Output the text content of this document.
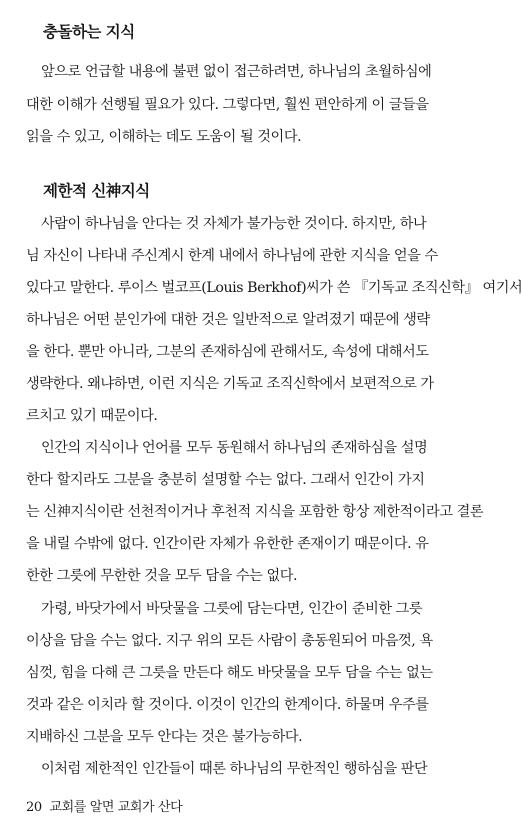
충돌하는 지식
앞으로 언급할 내용에 불편 없이 접근하려면, 하나님의 초월하심에
대한 이해가 선행될 필요가 있다. 그렇다면, 훨씬 편안하게 이 글들을
읽을 수 있고, 이해하는 데도 도움이 될 것이다.
제한적 신神지식
사람이 하나님을 안다는 것 자체가 불가능한 것이다. 하지만, 하나
님 자신이 나타내 주신계시 한계 내에서 하나님에 관한 지식을 얻을 수
있다고 말한다. 루이스 벌코프(Louis Berkhof)씨가 쓴 『기독교 조직신학』 여기서
하나님은 어떤 분인가에 대한 것은 일반적으로 알려졌기 때문에 생략
을 한다. 뿐만 아니라, 그분의 존재하심에 관해서도, 속성에 대해서도
생략한다. 왜냐하면, 이런 지식은 기독교 조직신학에서 보편적으로 가
르치고 있기 때문이다.
인간의 지식이나 언어를 모두 동원해서 하나님의 존재하심을 설명
한다 할지라도 그분을 충분히 설명할 수는 없다. 그래서 인간이 가지
는 신神지식이란 선천적이거나 후천적 지식을 포함한 항상 제한적이라고 결론
을 내릴 수밖에 없다. 인간이란 자체가 유한한 존재이기 때문이다. 유
한한 그릇에 무한한 것을 모두 담을 수는 없다.
가령, 바닷가에서 바닷물을 그릇에 담는다면, 인간이 준비한 그릇
이상을 담을 수는 없다. 지구 위의 모든 사람이 총동원되어 마음껏, 욕
심껏, 힘을 다해 큰 그릇을 만든다 해도 바닷물을 모두 담을 수는 없는
것과 같은 이치라 할 것이다. 이것이 인간의 한계이다. 하물며 우주를
지배하신 그분을 모두 안다는 것은 불가능하다.
이처럼 제한적인 인간들이 때론 하나님의 무한적인 행하심을 판단
20 교회를 알면 교회가 산다
